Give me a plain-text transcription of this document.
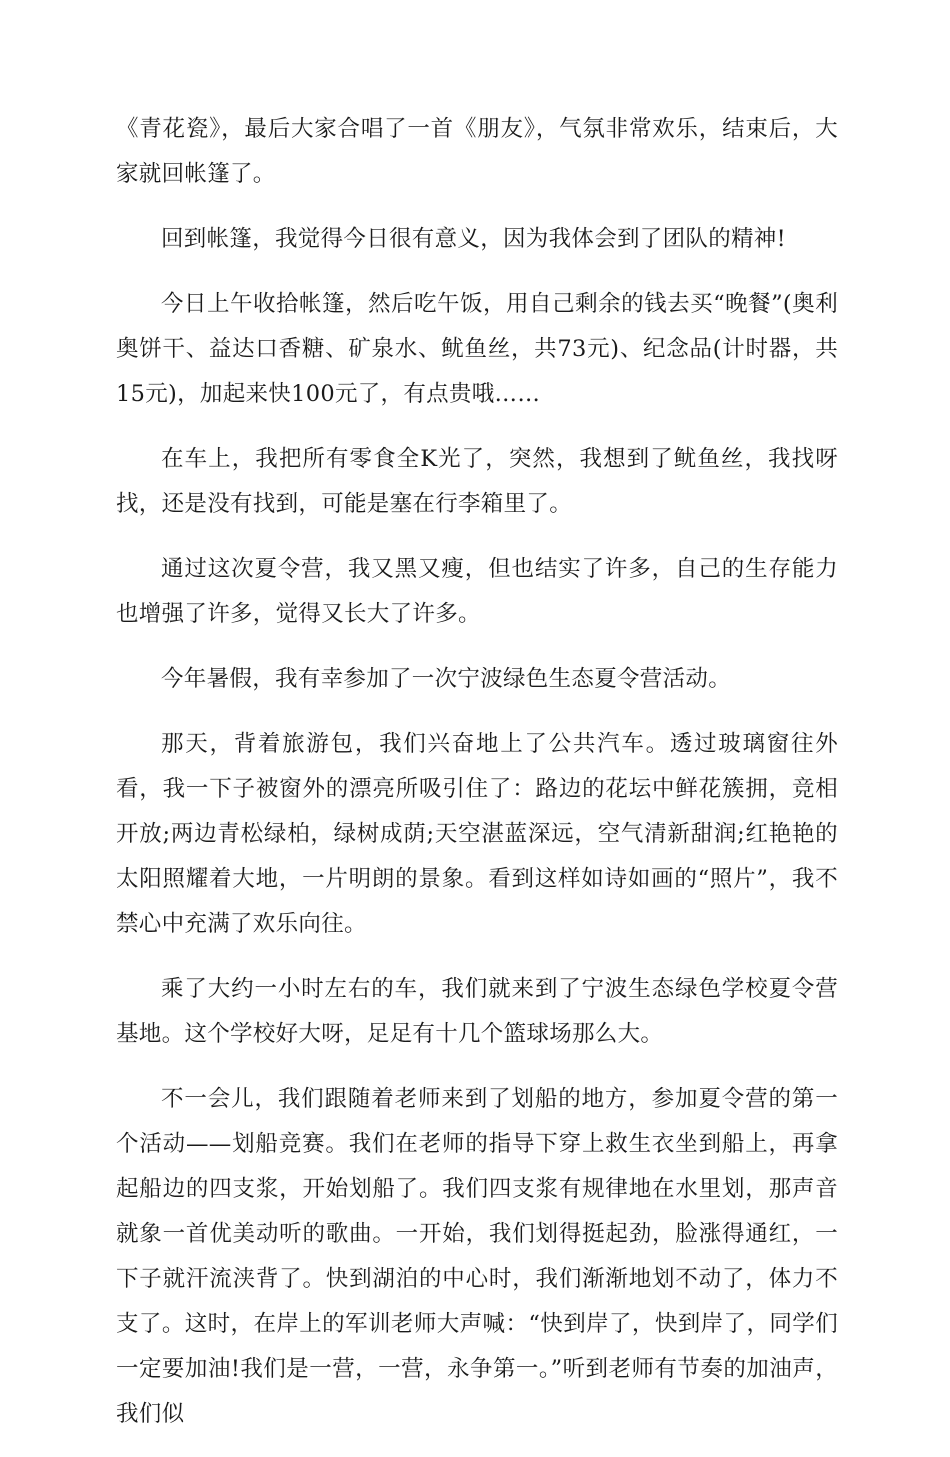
《青花瓷》，最后大家合唱了一首《朋友》，气氛非常欢乐，结束后，大家就回帐篷了。

回到帐篷，我觉得今日很有意义，因为我体会到了团队的精神!

今日上午收拾帐篷，然后吃午饭，用自己剩余的钱去买“晚餐”(奥利奥饼干、益达口香糖、矿泉水、鱿鱼丝，共73元)、纪念品(计时器，共15元)，加起来快100元了，有点贵哦……

在车上，我把所有零食全K光了，突然，我想到了鱿鱼丝，我找呀找，还是没有找到，可能是塞在行李箱里了。

通过这次夏令营，我又黑又瘦，但也结实了许多，自己的生存能力也增强了许多，觉得又长大了许多。

今年暑假，我有幸参加了一次宁波绿色生态夏令营活动。

那天，背着旅游包，我们兴奋地上了公共汽车。透过玻璃窗往外看，我一下子被窗外的漂亮所吸引住了：路边的花坛中鲜花簇拥，竞相开放;两边青松绿柏，绿树成荫;天空湛蓝深远，空气清新甜润;红艳艳的太阳照耀着大地，一片明朗的景象。看到这样如诗如画的“照片”，我不禁心中充满了欢乐向往。

乘了大约一小时左右的车，我们就来到了宁波生态绿色学校夏令营基地。这个学校好大呀，足足有十几个篮球场那么大。

不一会儿，我们跟随着老师来到了划船的地方，参加夏令营的第一个活动——划船竞赛。我们在老师的指导下穿上救生衣坐到船上，再拿起船边的四支浆，开始划船了。我们四支浆有规律地在水里划，那声音就象一首优美动听的歌曲。一开始，我们划得挺起劲，脸涨得通红，一下子就汗流浃背了。快到湖泊的中心时，我们渐渐地划不动了，体力不支了。这时，在岸上的军训老师大声喊：“快到岸了，快到岸了，同学们一定要加油!我们是一营，一营，永争第一。”听到老师有节奏的加油声，我们似
